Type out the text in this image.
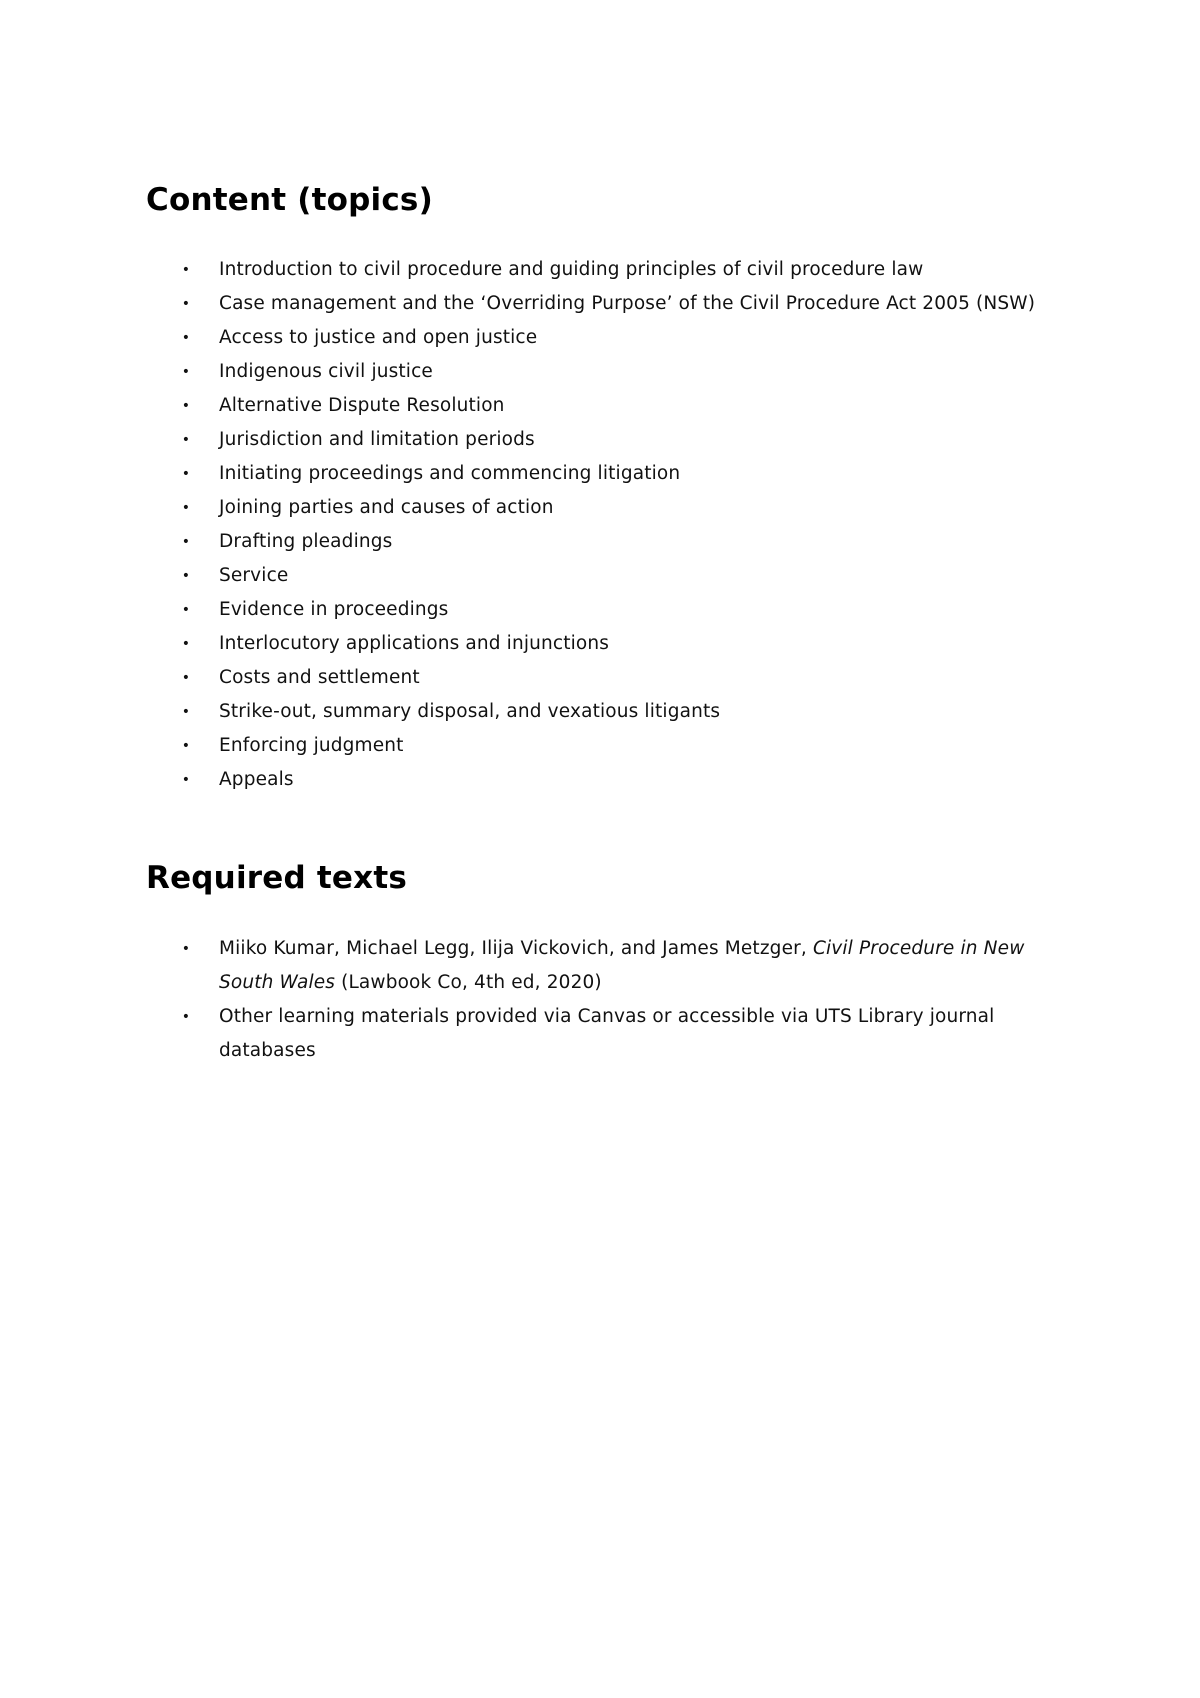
Content (topics)
• Introduction to civil procedure and guiding principles of civil procedure law
• Case management and the ‘Overriding Purpose’ of the Civil Procedure Act 2005 (NSW)
• Access to justice and open justice
• Indigenous civil justice
• Alternative Dispute Resolution
• Jurisdiction and limitation periods
• Initiating proceedings and commencing litigation
• Joining parties and causes of action
• Drafting pleadings
• Service
• Evidence in proceedings
• Interlocutory applications and injunctions
• Costs and settlement
• Strike-out, summary disposal, and vexatious litigants
• Enforcing judgment
• Appeals
Required texts
• Miiko Kumar, Michael Legg, Ilija Vickovich, and James Metzger, Civil Procedure in New South Wales (Lawbook Co, 4th ed, 2020)
• Other learning materials provided via Canvas or accessible via UTS Library journal databases
